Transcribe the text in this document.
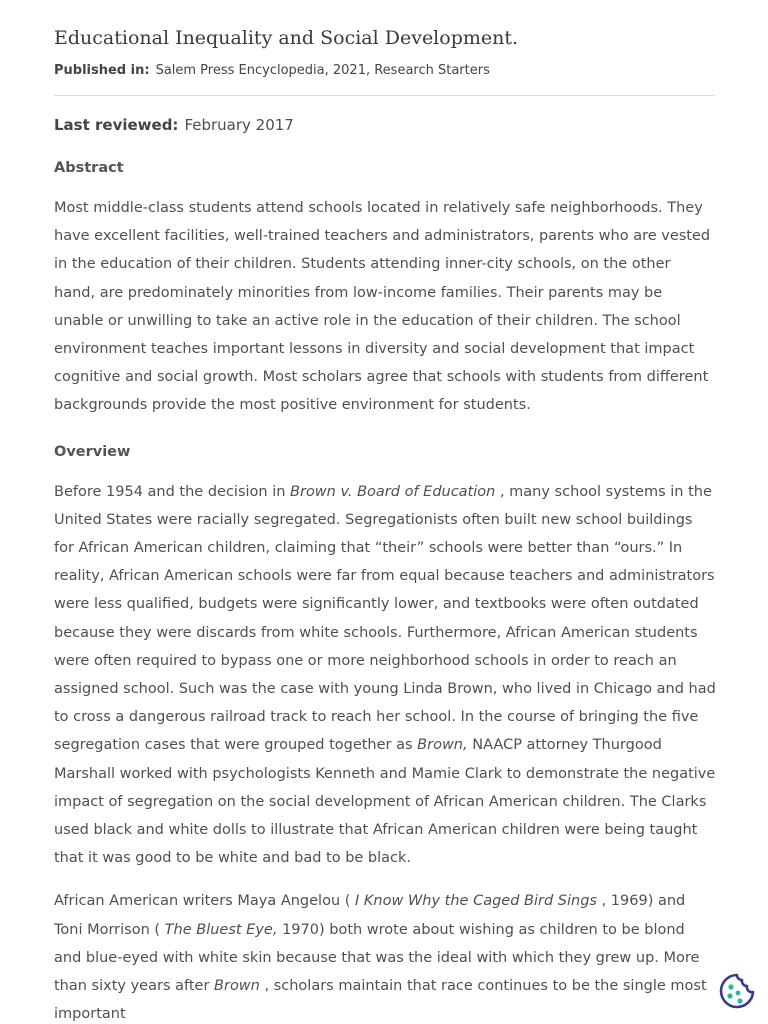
Educational Inequality and Social Development.
Published in: Salem Press Encyclopedia, 2021, Research Starters
Last reviewed: February 2017
Abstract
Most middle-class students attend schools located in relatively safe neighborhoods. They have excellent facilities, well-trained teachers and administrators, parents who are vested in the education of their children. Students attending inner-city schools, on the other hand, are predominately minorities from low-income families. Their parents may be unable or unwilling to take an active role in the education of their children. The school environment teaches important lessons in diversity and social development that impact cognitive and social growth. Most scholars agree that schools with students from different backgrounds provide the most positive environment for students.
Overview
Before 1954 and the decision in Brown v. Board of Education , many school systems in the United States were racially segregated. Segregationists often built new school buildings for African American children, claiming that “their” schools were better than “ours.” In reality, African American schools were far from equal because teachers and administrators were less qualified, budgets were significantly lower, and textbooks were often outdated because they were discards from white schools. Furthermore, African American students were often required to bypass one or more neighborhood schools in order to reach an assigned school. Such was the case with young Linda Brown, who lived in Chicago and had to cross a dangerous railroad track to reach her school. In the course of bringing the five segregation cases that were grouped together as Brown, NAACP attorney Thurgood Marshall worked with psychologists Kenneth and Mamie Clark to demonstrate the negative impact of segregation on the social development of African American children. The Clarks used black and white dolls to illustrate that African American children were being taught that it was good to be white and bad to be black.
African American writers Maya Angelou ( I Know Why the Caged Bird Sings , 1969) and Toni Morrison ( The Bluest Eye, 1970) both wrote about wishing as children to be blond and blue-eyed with white skin because that was the ideal with which they grew up. More than sixty years after Brown , scholars maintain that race continues to be the single most important
